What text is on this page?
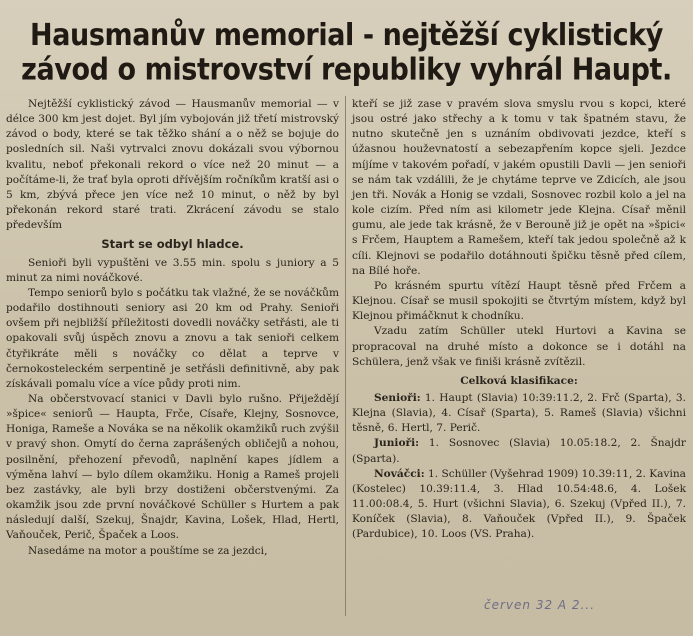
Hausmanův memorial - nejtěžší cyklistický závod o mistrovství republiky vyhrál Haupt.

Nejtěžší cyklistický závod — Hausmanův memorial — v délce 300 km jest dojet. Byl jím vybojován již třetí mistrovský závod o body, které se tak těžko shání a o něž se bojuje do posledních sil. Naši vytrvalci znovu dokázali svou výbornou kvalitu, neboť překonali rekord o více než 20 minut — a počítáme-li, že trať byla oproti dřívějším ročníkům kratší asi o 5 km, zbývá přece jen více než 10 minut, o něž by byl překonán rekord staré trati. Zkrácení závodu se stalo především

Start se odbyl hladce.

Senioři byli vypuštěni ve 3.55 min. spolu s juniory a 5 minut za nimi nováčkové.

Tempo seniorů bylo s počátku tak vlažné, že se nováčkům podařilo dostihnouti seniory asi 20 km od Prahy. Senioři ovšem při nejbližší příležitosti dovedli nováčky setřásti, ale ti opakovali svůj úspěch znovu a znovu a tak senioři celkem čtyřikráte měli s nováčky co dělat a teprve v černokosteleckém serpentině je setřásli definitivně, aby pak získávali pomalu více a více půdy proti nim.

Na občerstvovací stanici v Davli bylo rušno. Přiježdějí »špice« seniorů — Haupta, Frče, Císaře, Klejny, Sosnovce, Honiga, Rameše a Nováka se na několik okamžiků ruch zvýšil v pravý shon. Omytí do černa zaprášených obličejů a nohou, posilnění, přehození převodů, naplnění kapes jídlem a výměna lahví — bylo dílem okamžiku. Honig a Rameš projeli bez zastávky, ale byli brzy dostiženi občerstvenými. Za okamžik jsou zde první nováčkové Schüller s Hurtem a pak následují další, Szekuj, Šnajdr, Kavina, Lošek, Hlad, Hertl, Vaňouček, Perič, Špaček a Loos.

Nasedáme na motor a pouštíme se za jezdci,

kteří se již zase v pravém slova smyslu rvou s kopci, které jsou ostré jako střechy a k tomu v tak špatném stavu, že nutno skutečně jen s uznáním obdivovati jezdce, kteří s úžasnou houževnatostí a sebezapřením kopce sjeli. Jezdce míjíme v takovém pořadí, v jakém opustili Davli — jen senioři se nám tak vzdálili, že je chytáme teprve ve Zdicích, ale jsou jen tři. Novák a Honig se vzdali, Sosnovec rozbil kolo a jel na kole cizím. Před ním asi kilometr jede Klejna. Císař měnil gumu, ale jede tak krásně, že v Berouně již je opět na »špici« s Frčem, Hauptem a Ramešem, kteří tak jedou společně až k cíli. Klejnovi se podařilo dotáhnouti špičku těsně před cílem, na Bílé hoře.

Po krásném spurtu vítězí Haupt těsně před Frčem a Klejnou. Císař se musil spokojiti se čtvrtým místem, když byl Klejnou přimáčknut k chodníku.

Vzadu zatím Schüller utekl Hurtovi a Kavina se propracoval na druhé místo a dokonce se i dotáhl na Schülera, jenž však ve finiši krásně zvítězil.

Celková klasifikace:

Senioři: 1. Haupt (Slavia) 10:39:11.2, 2. Frč (Sparta), 3. Klejna (Slavia), 4. Císař (Sparta), 5. Rameš (Slavia) všichni těsně, 6. Hertl, 7. Perič.

Junioři: 1. Sosnovec (Slavia) 10.05:18.2, 2. Šnajdr (Sparta).

Nováčci: 1. Schüller (Vyšehrad 1909) 10.39:11, 2. Kavina (Kostelec) 10.39:11.4, 3. Hlad 10.54:48.6, 4. Lošek 11.00:08.4, 5. Hurt (všichni Slavia), 6. Szekuj (Vpřed II.), 7. Koníček (Slavia), 8. Vaňouček (Vpřed II.), 9. Špaček (Pardubice), 10. Loos (VS. Praha).

červen 32 A 2...
